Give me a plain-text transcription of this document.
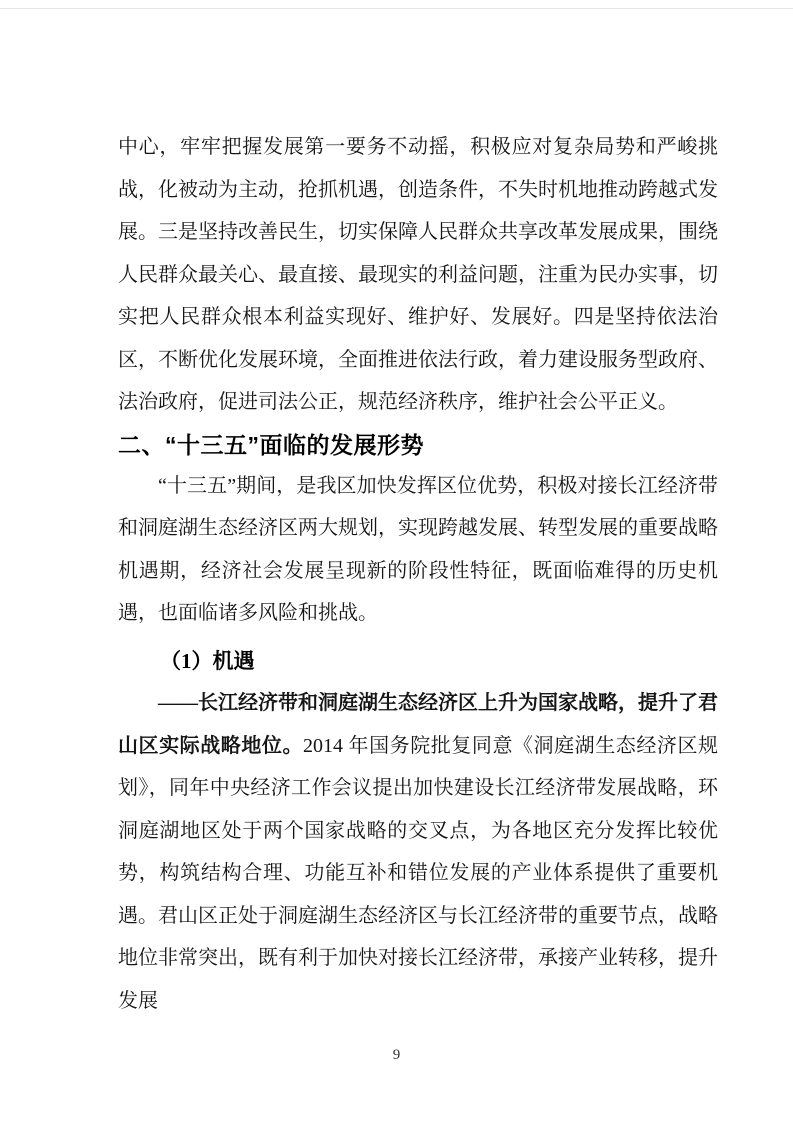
中心，牢牢把握发展第一要务不动摇，积极应对复杂局势和严峻挑战，化被动为主动，抢抓机遇，创造条件，不失时机地推动跨越式发展。三是坚持改善民生，切实保障人民群众共享改革发展成果，围绕人民群众最关心、最直接、最现实的利益问题，注重为民办实事，切实把人民群众根本利益实现好、维护好、发展好。四是坚持依法治区，不断优化发展环境，全面推进依法行政，着力建设服务型政府、法治政府，促进司法公正，规范经济秩序，维护社会公平正义。

二、“十三五”面临的发展形势

“十三五”期间，是我区加快发挥区位优势，积极对接长江经济带和洞庭湖生态经济区两大规划，实现跨越发展、转型发展的重要战略机遇期，经济社会发展呈现新的阶段性特征，既面临难得的历史机遇，也面临诸多风险和挑战。

（1）机遇

——长江经济带和洞庭湖生态经济区上升为国家战略，提升了君山区实际战略地位。2014 年国务院批复同意《洞庭湖生态经济区规划》，同年中央经济工作会议提出加快建设长江经济带发展战略，环洞庭湖地区处于两个国家战略的交叉点，为各地区充分发挥比较优势，构筑结构合理、功能互补和错位发展的产业体系提供了重要机遇。君山区正处于洞庭湖生态经济区与长江经济带的重要节点，战略地位非常突出，既有利于加快对接长江经济带，承接产业转移，提升发展

9
